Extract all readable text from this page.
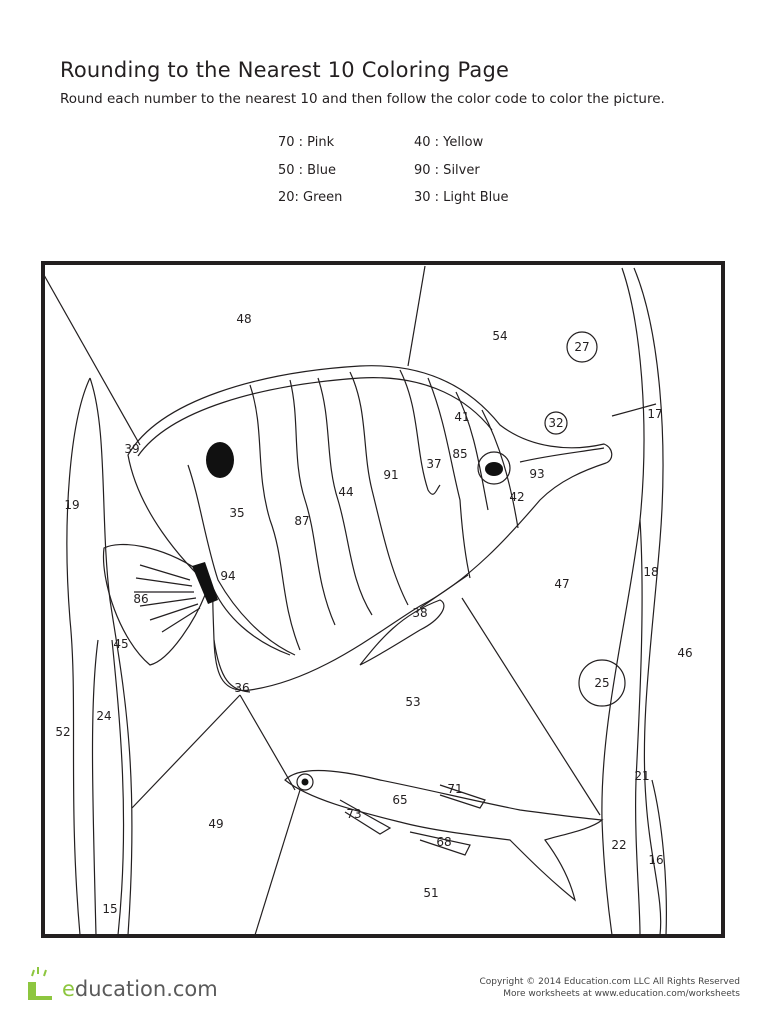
Rounding to the Nearest 10 Coloring Page
Round each number to the nearest 10 and then follow the color code to color the picture.
70 : Pink
50 : Blue
20: Green
40 : Yellow
90 : Silver
30 : Light Blue
48
54
27
32
17
39
19
35
87
44
91
37
85
41
93
42
47
18
86
94
45
38
46
25
53
52
24
36
21
65
49
71
73
68	22
16
51
15
education.com	Copyright © 2014 Education.com LLC All Rights Reserved
More worksheets at www.education.com/worksheets
